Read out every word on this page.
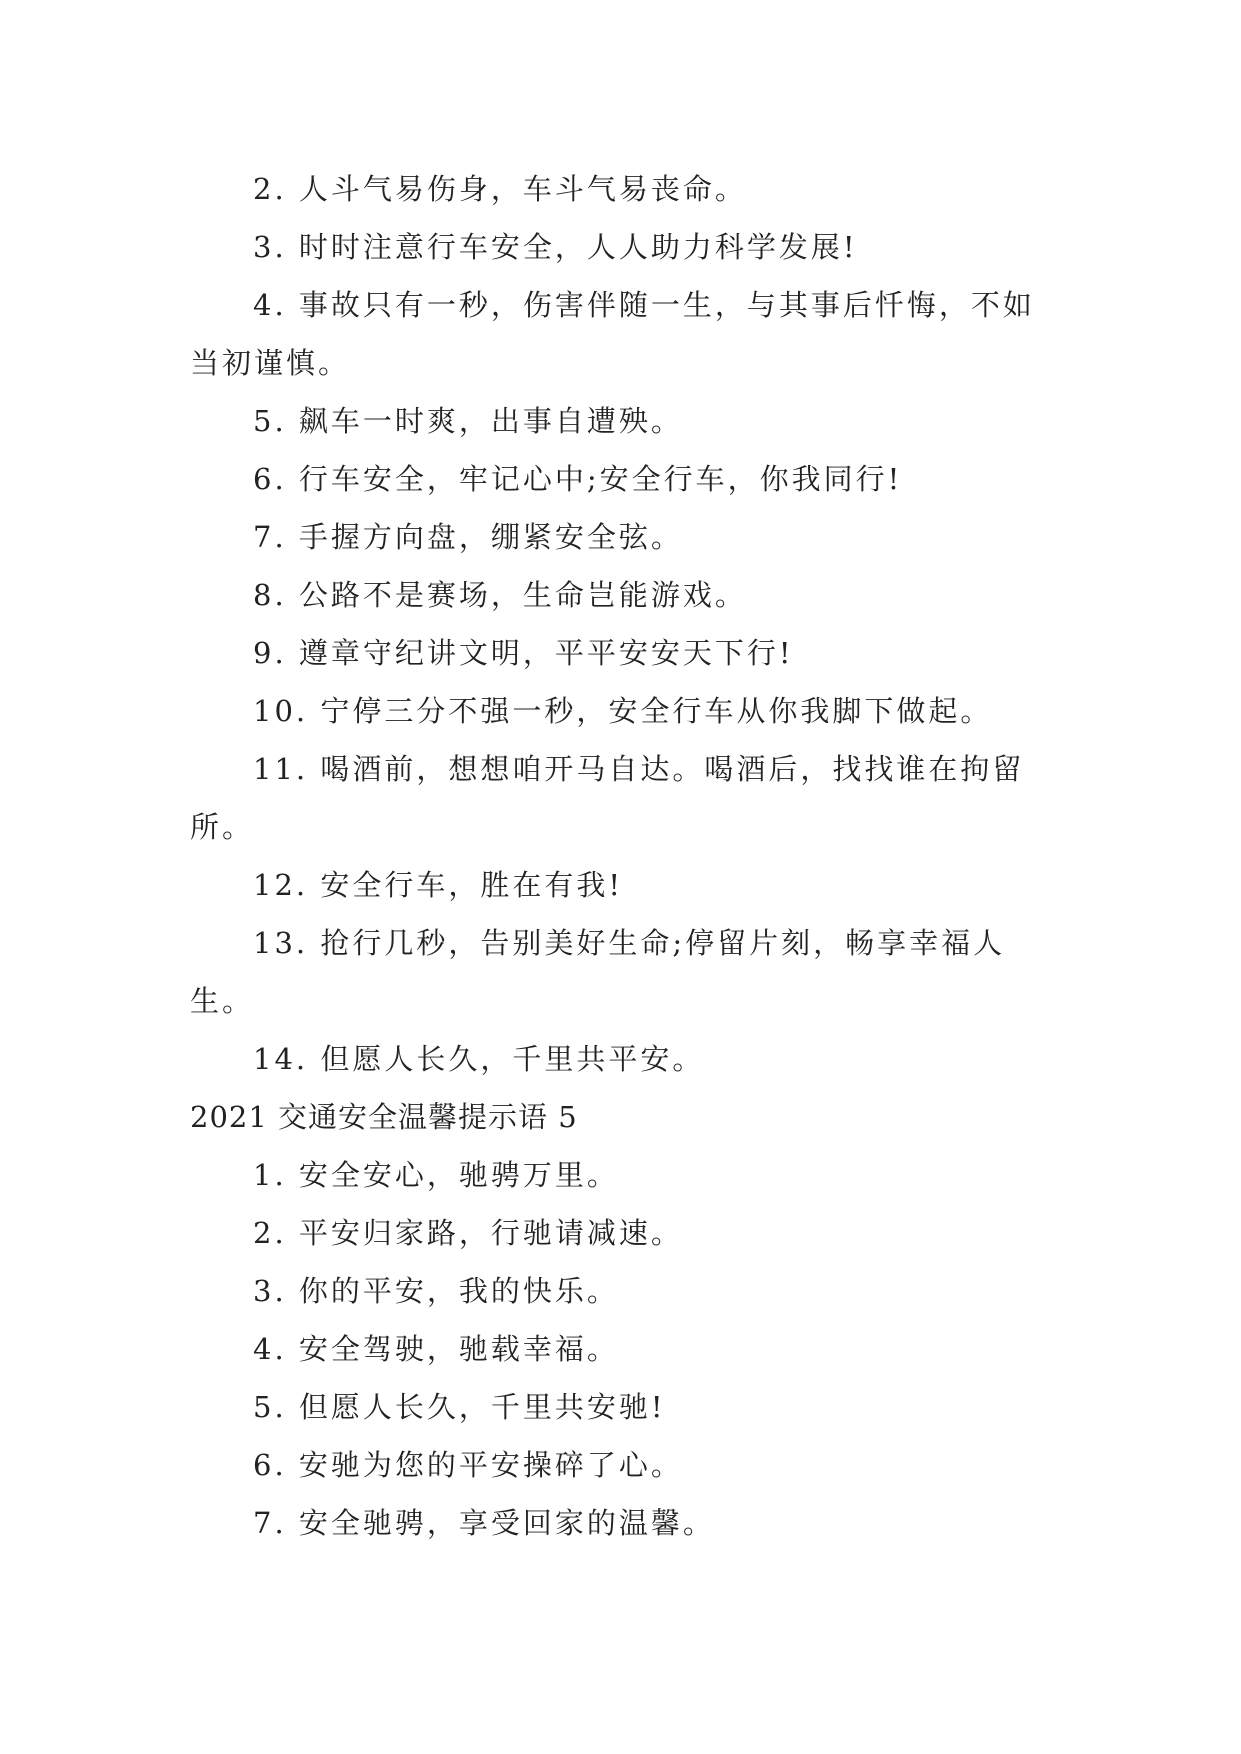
2. 人斗气易伤身，车斗气易丧命。

3. 时时注意行车安全，人人助力科学发展!

4. 事故只有一秒，伤害伴随一生，与其事后忏悔，不如当初谨慎。

5. 飙车一时爽，出事自遭殃。

6. 行车安全，牢记心中;安全行车，你我同行!

7. 手握方向盘，绷紧安全弦。

8. 公路不是赛场，生命岂能游戏。

9. 遵章守纪讲文明，平平安安天下行!

10. 宁停三分不强一秒，安全行车从你我脚下做起。

11. 喝酒前，想想咱开马自达。喝酒后，找找谁在拘留所。

12. 安全行车，胜在有我!

13. 抢行几秒，告别美好生命;停留片刻，畅享幸福人生。

14. 但愿人长久，千里共平安。

2021 交通安全温馨提示语 5

1. 安全安心，驰骋万里。

2. 平安归家路，行驰请减速。

3. 你的平安，我的快乐。

4. 安全驾驶，驰载幸福。

5. 但愿人长久，千里共安驰!

6. 安驰为您的平安操碎了心。

7. 安全驰骋，享受回家的温馨。
